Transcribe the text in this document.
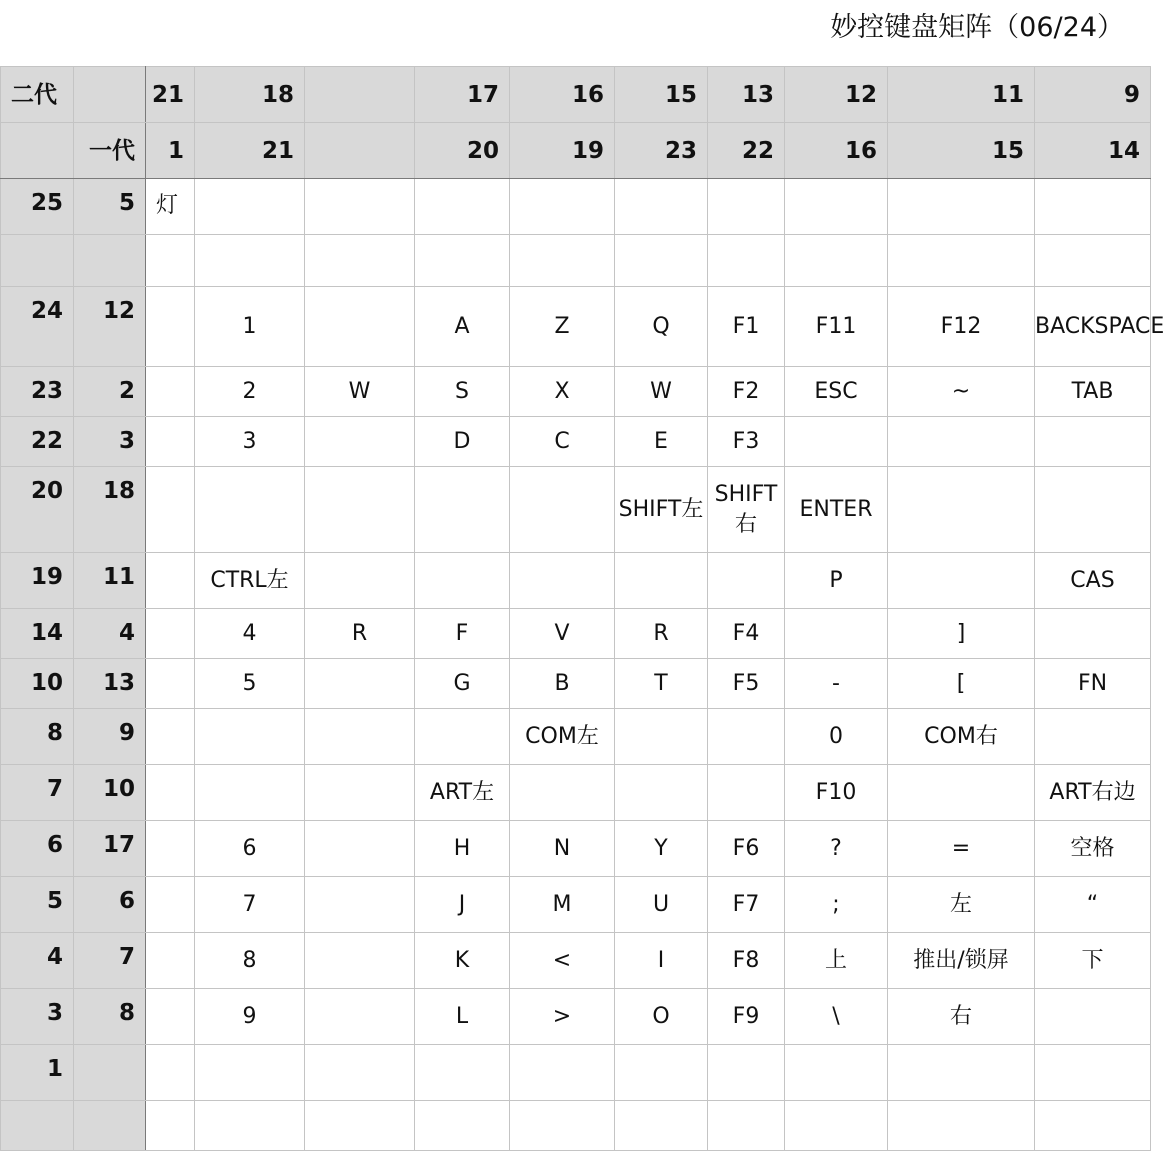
妙控键盘矩阵（06/24）
二代		21	18		17	16	15	13	12	11	9
	一代	1	21		20	19	23	22	16	15	14
25	5	灯									

24	12		1		A	Z	Q	F1	F11	F12	BACKSPACE
23	2		2	W	S	X	W	F2	ESC	~	TAB
22	3		3		D	C	E	F3			
20	18						SHIFT左	SHIFT右	ENTER		
19	11		CTRL左						P		CAS
14	4		4	R	F	V	R	F4		]	
10	13		5		G	B	T	F5	-	[	FN
8	9					COM左			0	COM右	
7	10				ART左				F10		ART右边
6	17		6		H	N	Y	F6	?	=	空格
5	6		7		J	M	U	F7	;	左	“
4	7		8		K	<	I	F8	上	推出/锁屏	下
3	8		9		L	>	O	F9	\	右	
1											
